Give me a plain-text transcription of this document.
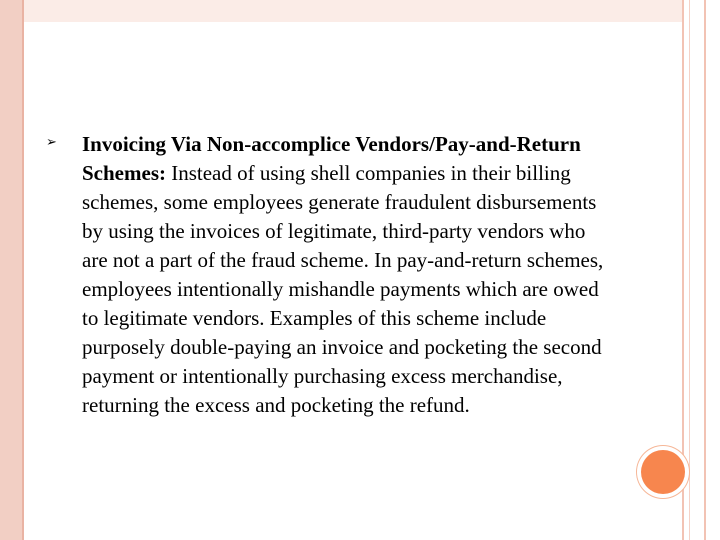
➢	Invoicing Via Non-accomplice Vendors/Pay-and-Return Schemes: Instead of using shell companies in their billing schemes, some employees generate fraudulent disbursements by using the invoices of legitimate, third-party vendors who are not a part of the fraud scheme. In pay-and-return schemes, employees intentionally mishandle payments which are owed to legitimate vendors. Examples of this scheme include purposely double-paying an invoice and pocketing the second payment or intentionally purchasing excess merchandise, returning the excess and pocketing the refund.
